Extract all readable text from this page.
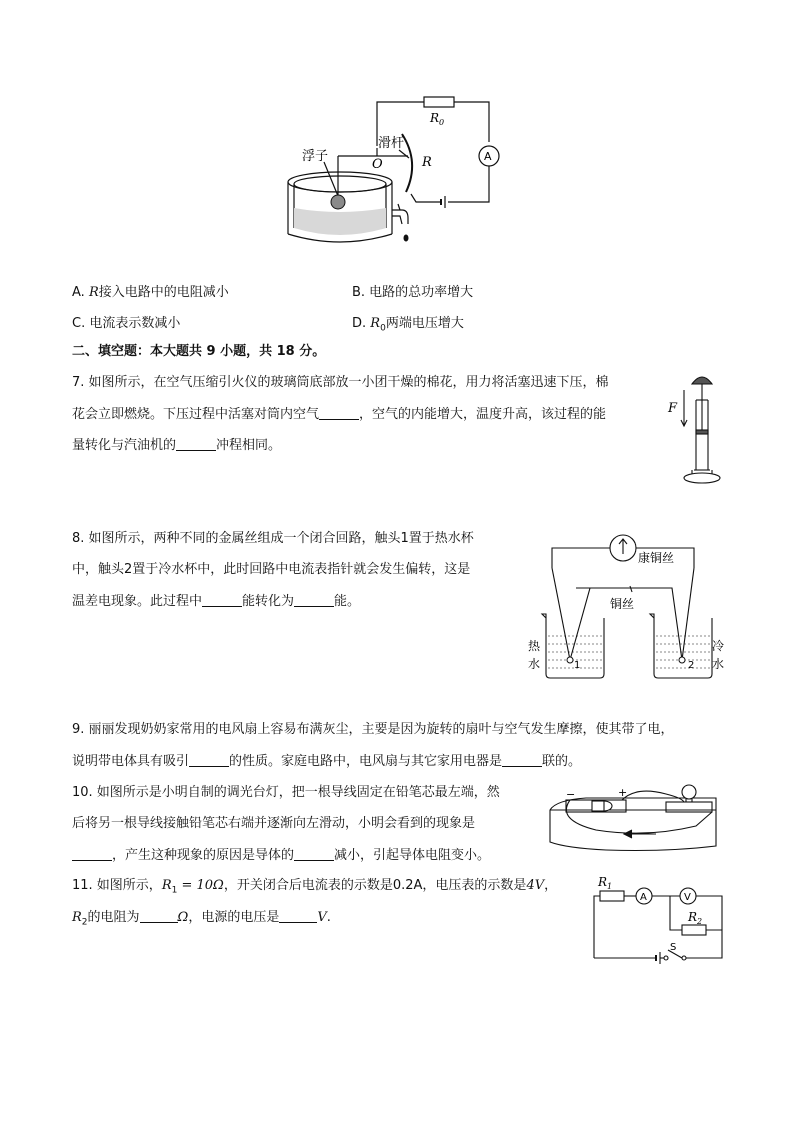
$R_0$
A
滑杆
O	R
浮子
A. R接入电路中的电阻减小	B. 电路的总功率增大
C. 电流表示数减小	D. $R_0$两端电压增大
二、填空题：本大题共 9 小题，共 18 分。
7. 如图所示，在空气压缩引火仪的玻璃筒底部放一小团干燥的棉花，用力将活塞迅速下压，棉
花会立即燃烧。下压过程中活塞对筒内空气	，空气的内能增大，温度升高，该过程的能
量转化与汽油机的	冲程相同。
F
8. 如图所示，两种不同的金属丝组成一个闭合回路，触头1置于热水杯
中，触头2置于冷水杯中，此时回路中电流表指针就会发生偏转，这是
温差电现象。此过程中	能转化为	能。
康铜丝
铜丝
热
水
冷
水
1	2
9. 丽丽发现奶奶家常用的电风扇上容易布满灰尘，主要是因为旋转的扇叶与空气发生摩擦，使其带了电，
说明带电体具有吸引	的性质。家庭电路中，电风扇与其它家用电器是	联的。
10. 如图所示是小明自制的调光台灯，把一根导线固定在铅笔芯最左端，然
后将另一根导线接触铅笔芯右端并逐渐向左滑动，小明会看到的现象是
，产生这种现象的原因是导体的	减小，引起导体电阻变小。
−	+
11. 如图所示，$R_1 = 10\Omega$，开关闭合后电流表的示数是0.2A，电压表的示数是4V，
$R_2$的电阻为	Ω，电源的电压是	V.
$R_1$
A	V
$R_2$
S
